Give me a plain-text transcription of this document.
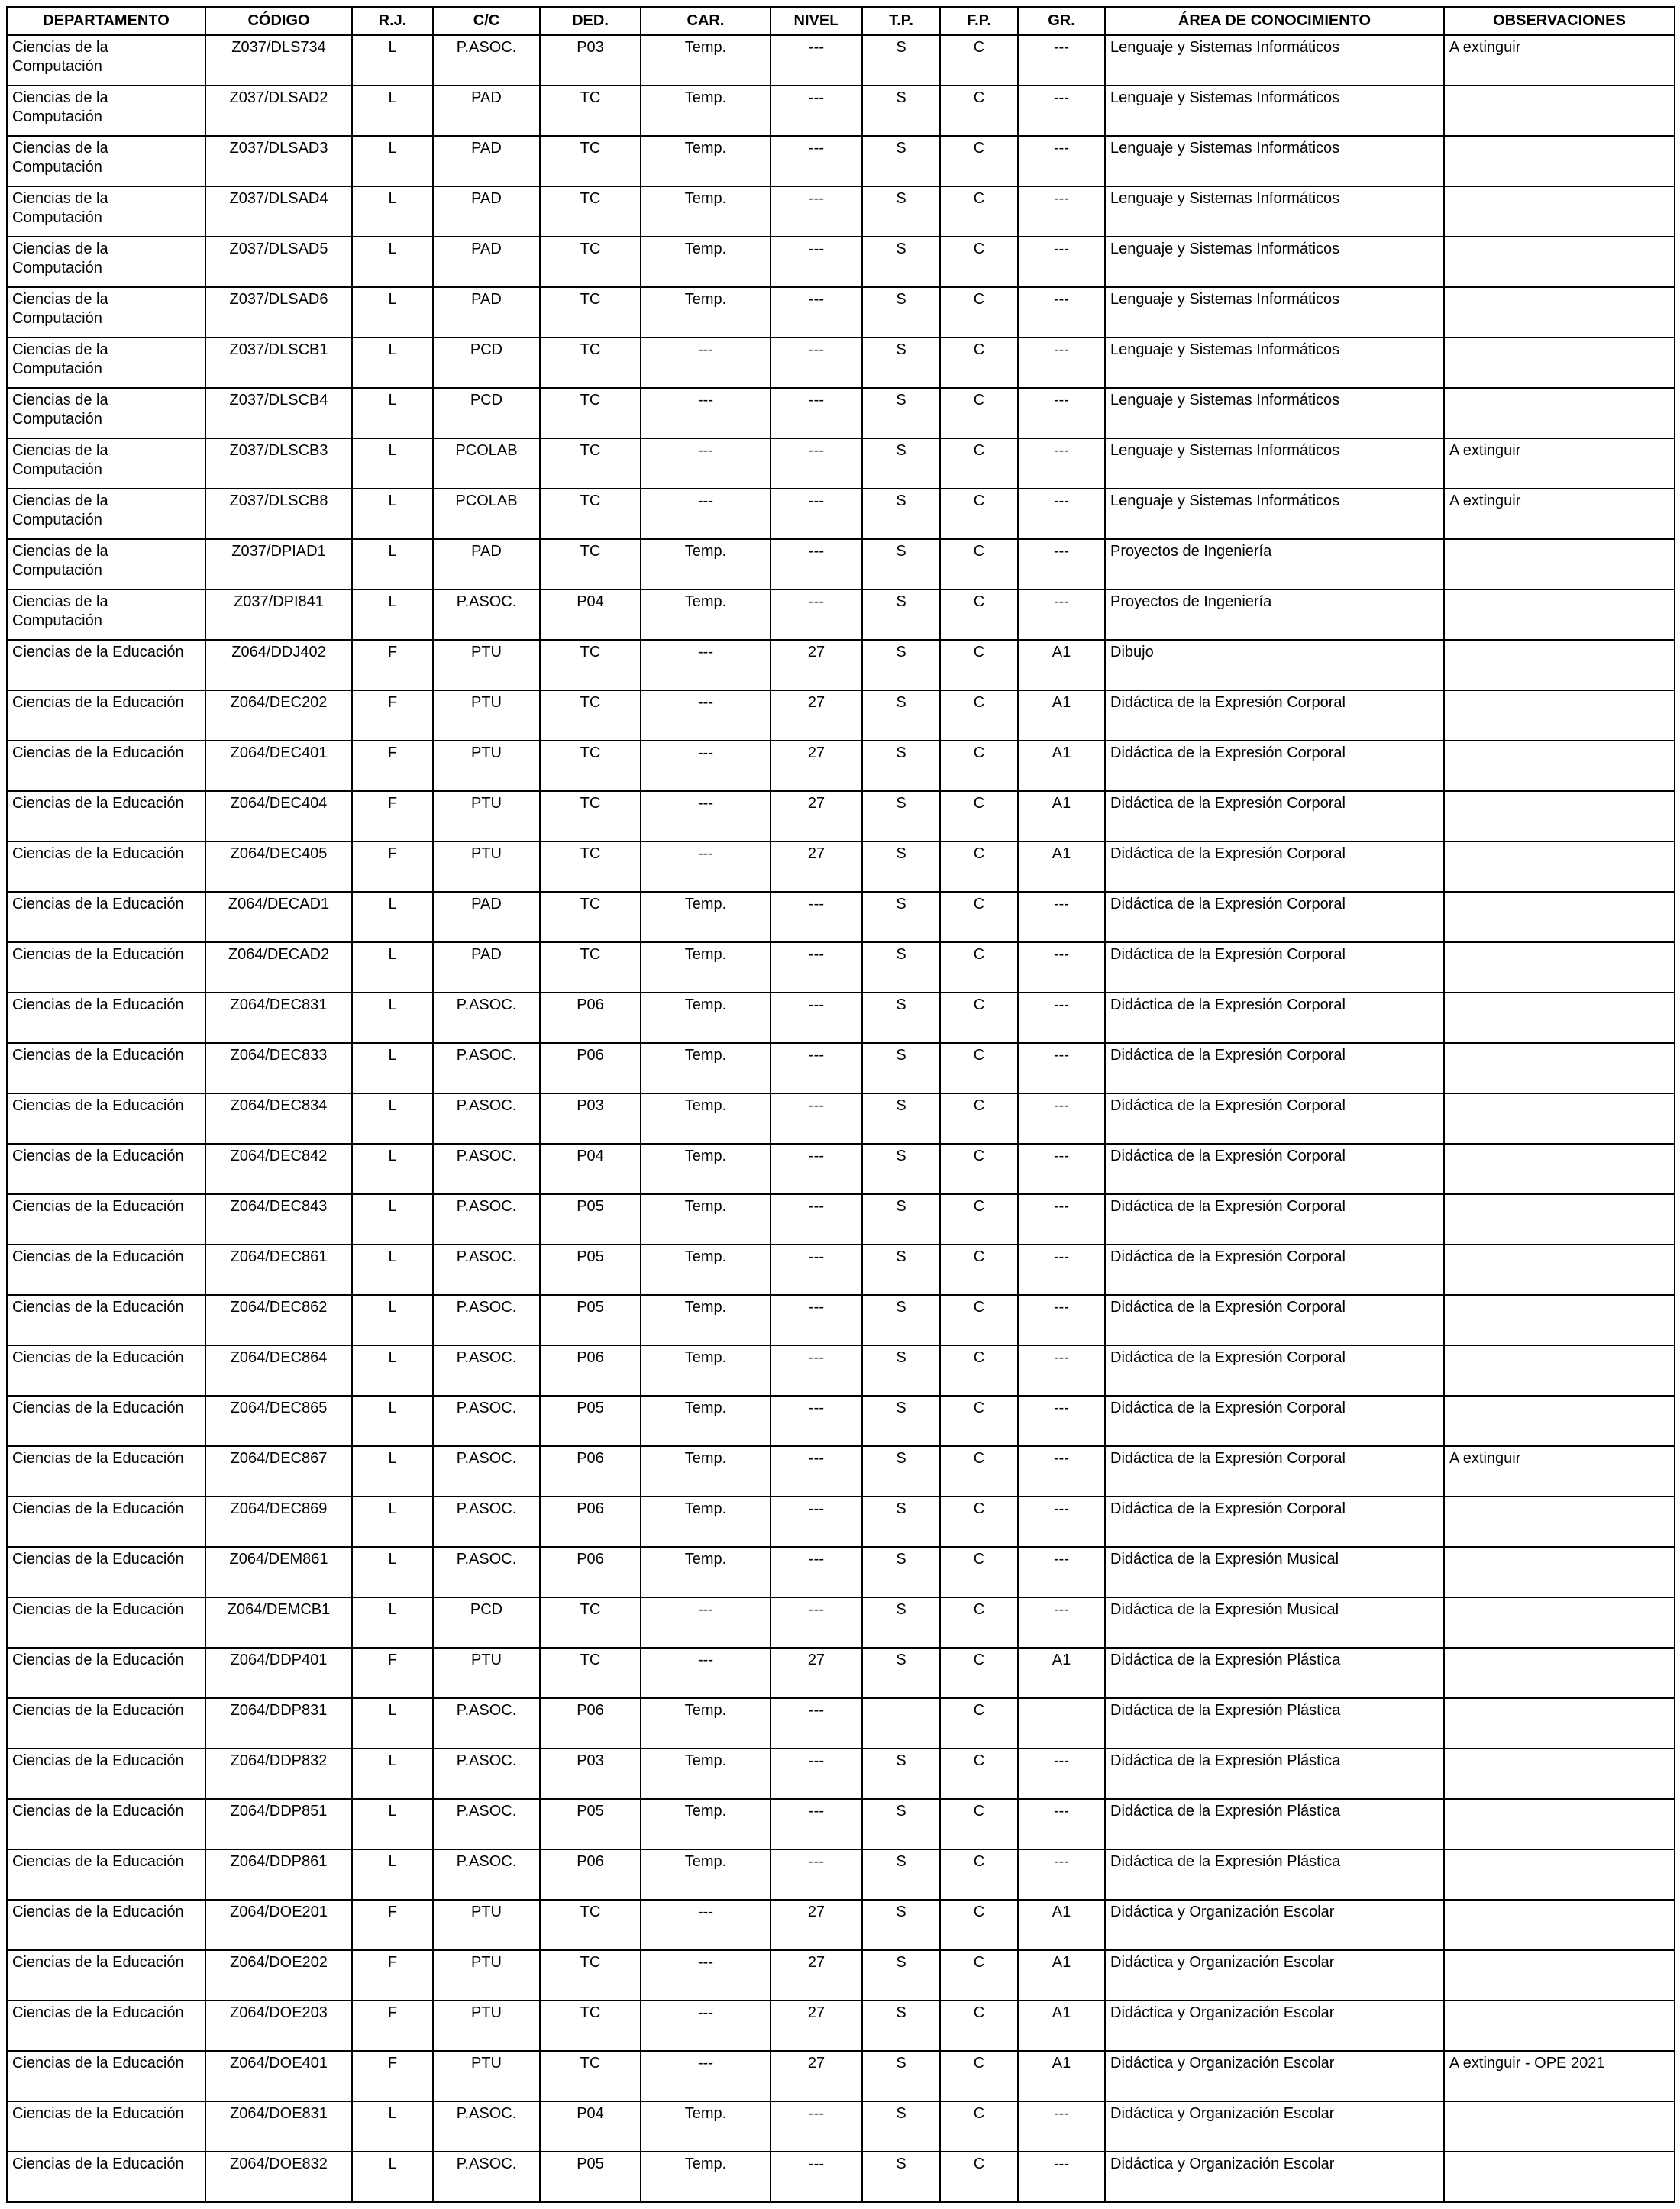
DEPARTAMENTO	CÓDIGO	R.J.	C/C	DED.	CAR.	NIVEL	T.P.	F.P.	GR.	ÁREA DE CONOCIMIENTO	OBSERVACIONES
Ciencias de la Computación	Z037/DLS734	L	P.ASOC.	P03	Temp.	---	S	C	---	Lenguaje y Sistemas Informáticos	A extinguir
Ciencias de la Computación	Z037/DLSAD2	L	PAD	TC	Temp.	---	S	C	---	Lenguaje y Sistemas Informáticos	
Ciencias de la Computación	Z037/DLSAD3	L	PAD	TC	Temp.	---	S	C	---	Lenguaje y Sistemas Informáticos	
Ciencias de la Computación	Z037/DLSAD4	L	PAD	TC	Temp.	---	S	C	---	Lenguaje y Sistemas Informáticos	
Ciencias de la Computación	Z037/DLSAD5	L	PAD	TC	Temp.	---	S	C	---	Lenguaje y Sistemas Informáticos	
Ciencias de la Computación	Z037/DLSAD6	L	PAD	TC	Temp.	---	S	C	---	Lenguaje y Sistemas Informáticos	
Ciencias de la Computación	Z037/DLSCB1	L	PCD	TC	---	---	S	C	---	Lenguaje y Sistemas Informáticos	
Ciencias de la Computación	Z037/DLSCB4	L	PCD	TC	---	---	S	C	---	Lenguaje y Sistemas Informáticos	
Ciencias de la Computación	Z037/DLSCB3	L	PCOLAB	TC	---	---	S	C	---	Lenguaje y Sistemas Informáticos	A extinguir
Ciencias de la Computación	Z037/DLSCB8	L	PCOLAB	TC	---	---	S	C	---	Lenguaje y Sistemas Informáticos	A extinguir
Ciencias de la Computación	Z037/DPIAD1	L	PAD	TC	Temp.	---	S	C	---	Proyectos de Ingeniería	
Ciencias de la Computación	Z037/DPI841	L	P.ASOC.	P04	Temp.	---	S	C	---	Proyectos de Ingeniería	
Ciencias de la Educación	Z064/DDJ402	F	PTU	TC	---	27	S	C	A1	Dibujo	
Ciencias de la Educación	Z064/DEC202	F	PTU	TC	---	27	S	C	A1	Didáctica de la Expresión Corporal	
Ciencias de la Educación	Z064/DEC401	F	PTU	TC	---	27	S	C	A1	Didáctica de la Expresión Corporal	
Ciencias de la Educación	Z064/DEC404	F	PTU	TC	---	27	S	C	A1	Didáctica de la Expresión Corporal	
Ciencias de la Educación	Z064/DEC405	F	PTU	TC	---	27	S	C	A1	Didáctica de la Expresión Corporal	
Ciencias de la Educación	Z064/DECAD1	L	PAD	TC	Temp.	---	S	C	---	Didáctica de la Expresión Corporal	
Ciencias de la Educación	Z064/DECAD2	L	PAD	TC	Temp.	---	S	C	---	Didáctica de la Expresión Corporal	
Ciencias de la Educación	Z064/DEC831	L	P.ASOC.	P06	Temp.	---	S	C	---	Didáctica de la Expresión Corporal	
Ciencias de la Educación	Z064/DEC833	L	P.ASOC.	P06	Temp.	---	S	C	---	Didáctica de la Expresión Corporal	
Ciencias de la Educación	Z064/DEC834	L	P.ASOC.	P03	Temp.	---	S	C	---	Didáctica de la Expresión Corporal	
Ciencias de la Educación	Z064/DEC842	L	P.ASOC.	P04	Temp.	---	S	C	---	Didáctica de la Expresión Corporal	
Ciencias de la Educación	Z064/DEC843	L	P.ASOC.	P05	Temp.	---	S	C	---	Didáctica de la Expresión Corporal	
Ciencias de la Educación	Z064/DEC861	L	P.ASOC.	P05	Temp.	---	S	C	---	Didáctica de la Expresión Corporal	
Ciencias de la Educación	Z064/DEC862	L	P.ASOC.	P05	Temp.	---	S	C	---	Didáctica de la Expresión Corporal	
Ciencias de la Educación	Z064/DEC864	L	P.ASOC.	P06	Temp.	---	S	C	---	Didáctica de la Expresión Corporal	
Ciencias de la Educación	Z064/DEC865	L	P.ASOC.	P05	Temp.	---	S	C	---	Didáctica de la Expresión Corporal	
Ciencias de la Educación	Z064/DEC867	L	P.ASOC.	P06	Temp.	---	S	C	---	Didáctica de la Expresión Corporal	A extinguir
Ciencias de la Educación	Z064/DEC869	L	P.ASOC.	P06	Temp.	---	S	C	---	Didáctica de la Expresión Corporal	
Ciencias de la Educación	Z064/DEM861	L	P.ASOC.	P06	Temp.	---	S	C	---	Didáctica de la Expresión Musical	
Ciencias de la Educación	Z064/DEMCB1	L	PCD	TC	---	---	S	C	---	Didáctica de la Expresión Musical	
Ciencias de la Educación	Z064/DDP401	F	PTU	TC	---	27	S	C	A1	Didáctica de la Expresión Plástica	
Ciencias de la Educación	Z064/DDP831	L	P.ASOC.	P06	Temp.	---		C		Didáctica de la Expresión Plástica	
Ciencias de la Educación	Z064/DDP832	L	P.ASOC.	P03	Temp.	---	S	C	---	Didáctica de la Expresión Plástica	
Ciencias de la Educación	Z064/DDP851	L	P.ASOC.	P05	Temp.	---	S	C	---	Didáctica de la Expresión Plástica	
Ciencias de la Educación	Z064/DDP861	L	P.ASOC.	P06	Temp.	---	S	C	---	Didáctica de la Expresión Plástica	
Ciencias de la Educación	Z064/DOE201	F	PTU	TC	---	27	S	C	A1	Didáctica y Organización Escolar	
Ciencias de la Educación	Z064/DOE202	F	PTU	TC	---	27	S	C	A1	Didáctica y Organización Escolar	
Ciencias de la Educación	Z064/DOE203	F	PTU	TC	---	27	S	C	A1	Didáctica y Organización Escolar	
Ciencias de la Educación	Z064/DOE401	F	PTU	TC	---	27	S	C	A1	Didáctica y Organización Escolar	A extinguir - OPE 2021
Ciencias de la Educación	Z064/DOE831	L	P.ASOC.	P04	Temp.	---	S	C	---	Didáctica y Organización Escolar	
Ciencias de la Educación	Z064/DOE832	L	P.ASOC.	P05	Temp.	---	S	C	---	Didáctica y Organización Escolar	
